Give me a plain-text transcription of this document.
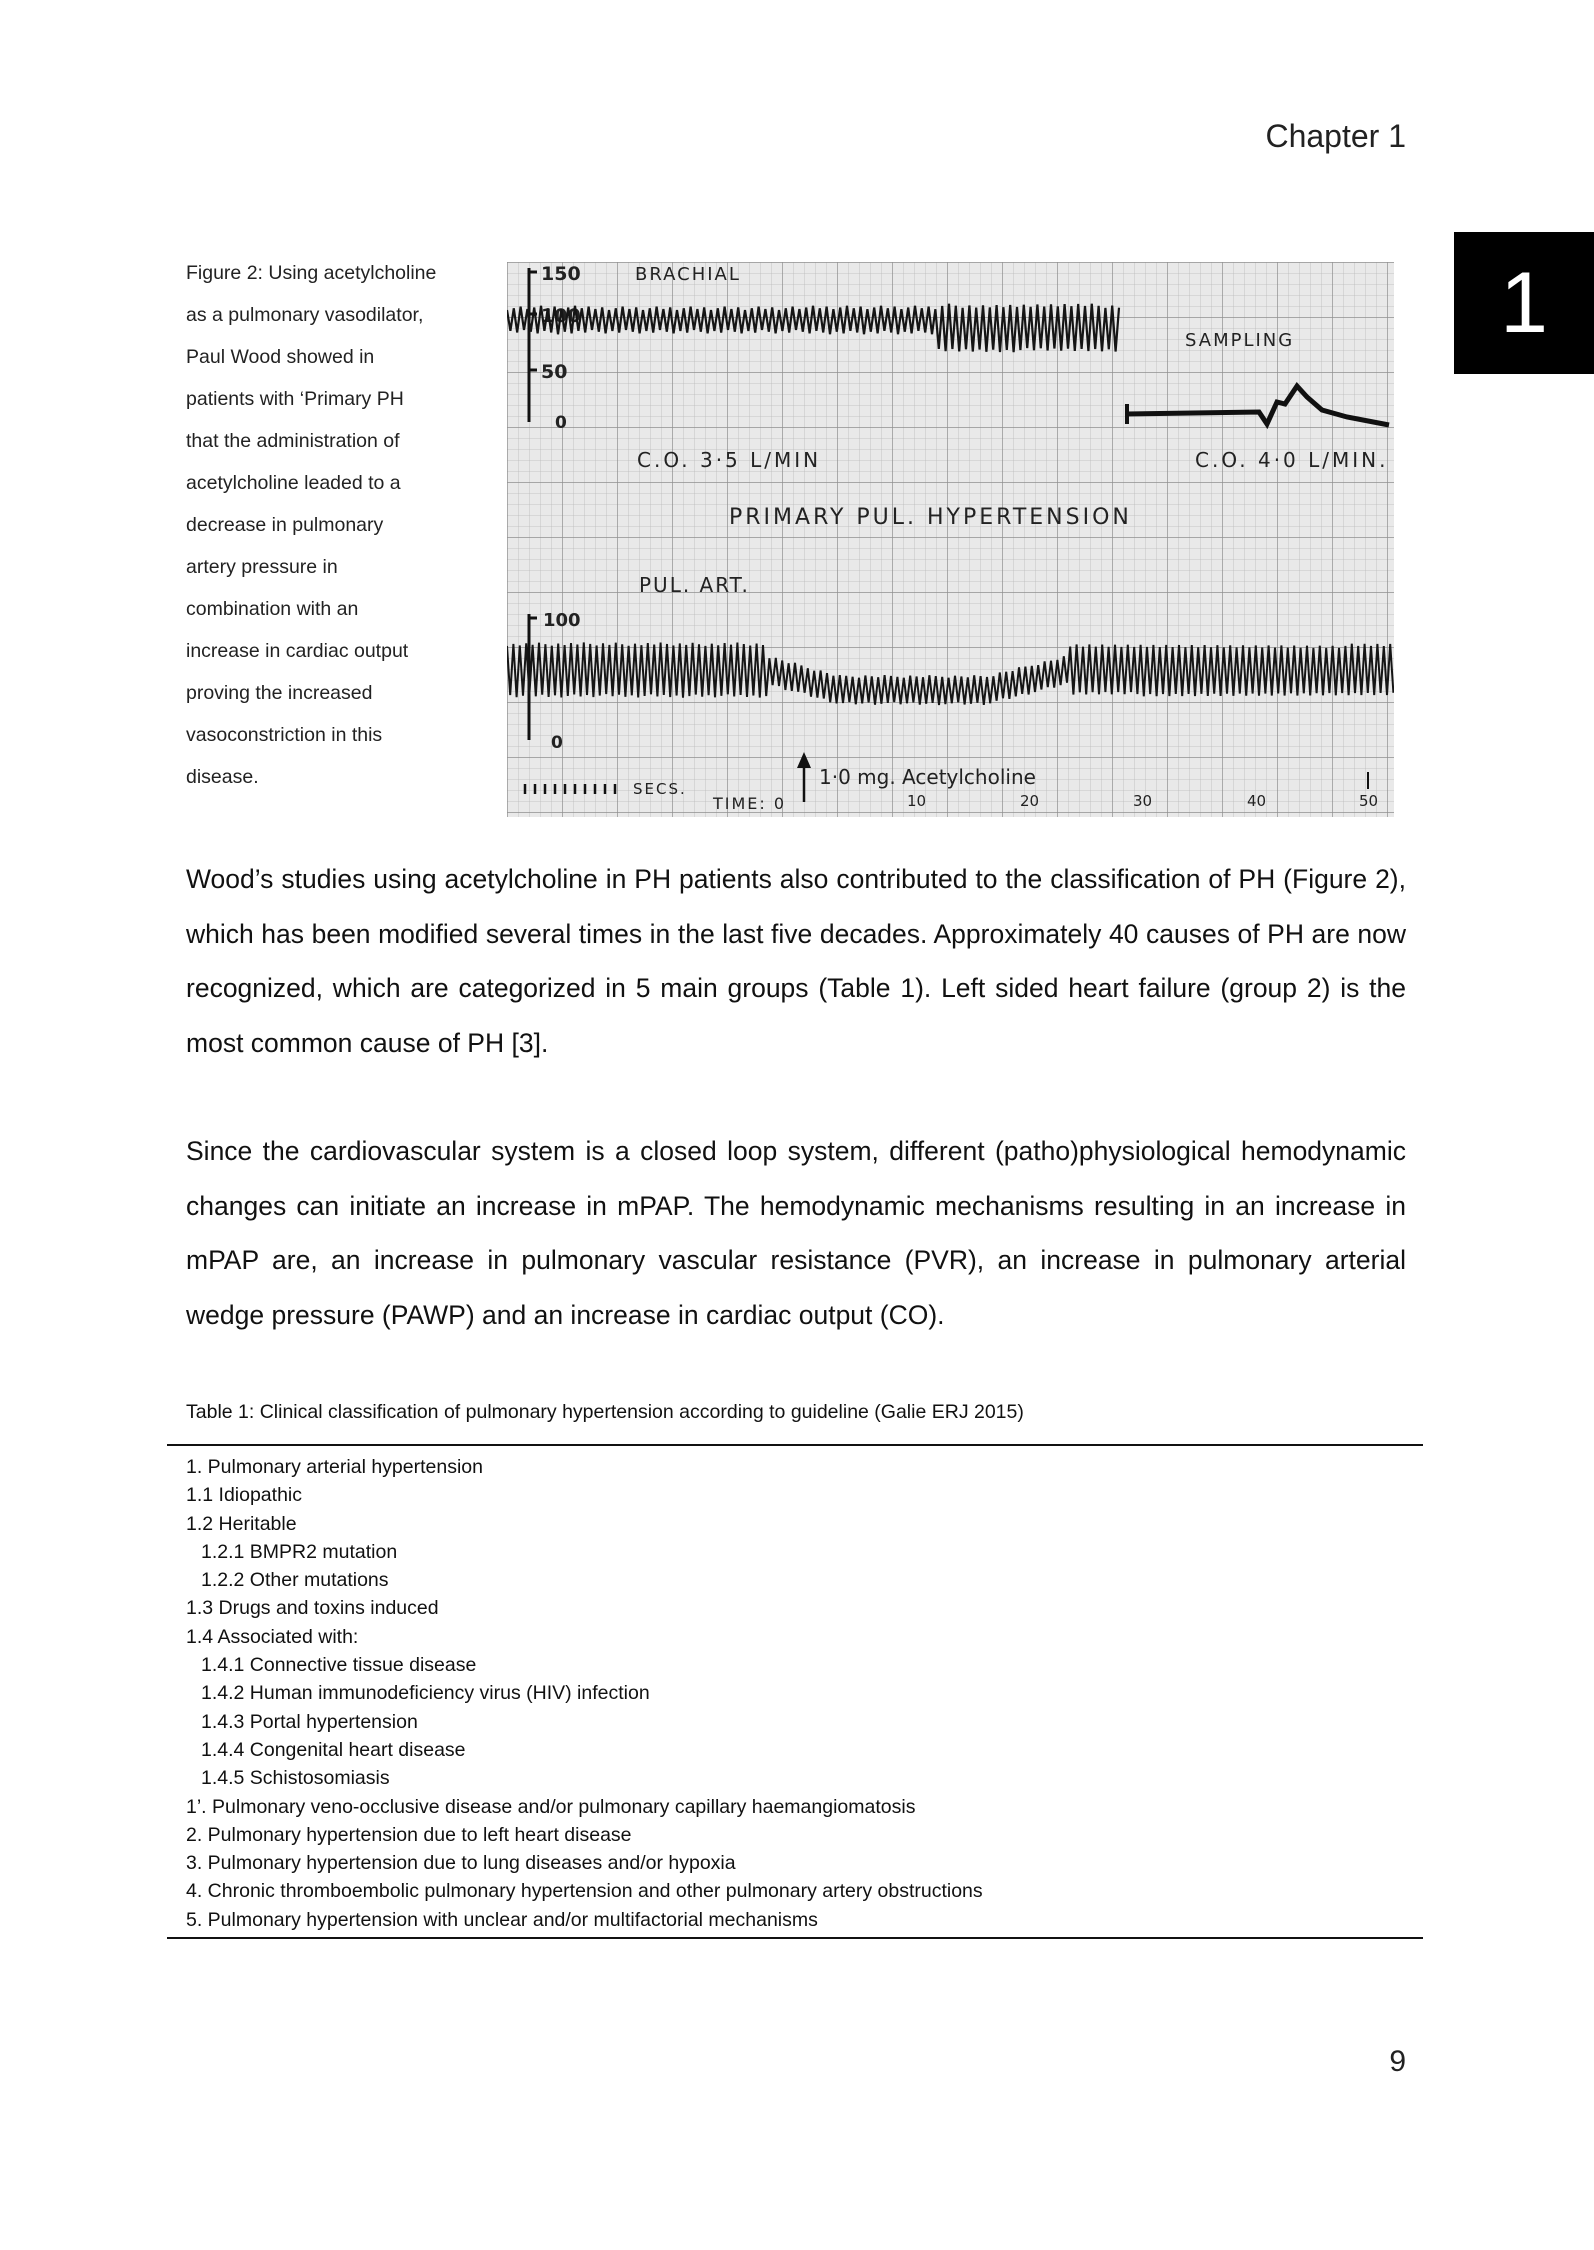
Chapter 1
1
Figure 2: Using acetylcholine
as a pulmonary vasodilator,
Paul Wood showed in
patients with ‘Primary PH
that the administration of
acetylcholine leaded to a
decrease in pulmonary
artery pressure in
combination with an
increase in cardiac output
proving the increased
vasoconstriction in this
disease.
150
100
50
0
BRACHIAL
SAMPLING
C.O. 3·5 L/MIN	C.O. 4·0 L/MIN.
PRIMARY PUL. HYPERTENSION
PUL. ART.
100
0
SECS.	1·0 mg. Acetylcholine
TIME: 0	10	20	30	40	50

Wood’s studies using acetylcholine in PH patients also contributed to the classification of PH (Figure 2), which has been modified several times in the last five decades. Approximately 40 causes of PH are now recognized, which are categorized in 5 main groups (Table 1). Left sided heart failure (group 2) is the most common cause of PH [3].

Since the cardiovascular system is a closed loop system, different (patho)physiological hemodynamic changes can initiate an increase in mPAP. The hemodynamic mechanisms resulting in an increase in mPAP are, an increase in pulmonary vascular resistance (PVR), an increase in pulmonary arterial wedge pressure (PAWP) and an increase in cardiac output (CO).

Table 1: Clinical classification of pulmonary hypertension according to guideline (Galie ERJ 2015)
1. Pulmonary arterial hypertension
1.1 Idiopathic
1.2 Heritable
1.2.1 BMPR2 mutation
1.2.2 Other mutations
1.3 Drugs and toxins induced
1.4 Associated with:
1.4.1 Connective tissue disease
1.4.2 Human immunodeficiency virus (HIV) infection
1.4.3 Portal hypertension
1.4.4 Congenital heart disease
1.4.5 Schistosomiasis
1’. Pulmonary veno-occlusive disease and/or pulmonary capillary haemangiomatosis
2. Pulmonary hypertension due to left heart disease
3. Pulmonary hypertension due to lung diseases and/or hypoxia
4. Chronic thromboembolic pulmonary hypertension and other pulmonary artery obstructions
5. Pulmonary hypertension with unclear and/or multifactorial mechanisms
9
